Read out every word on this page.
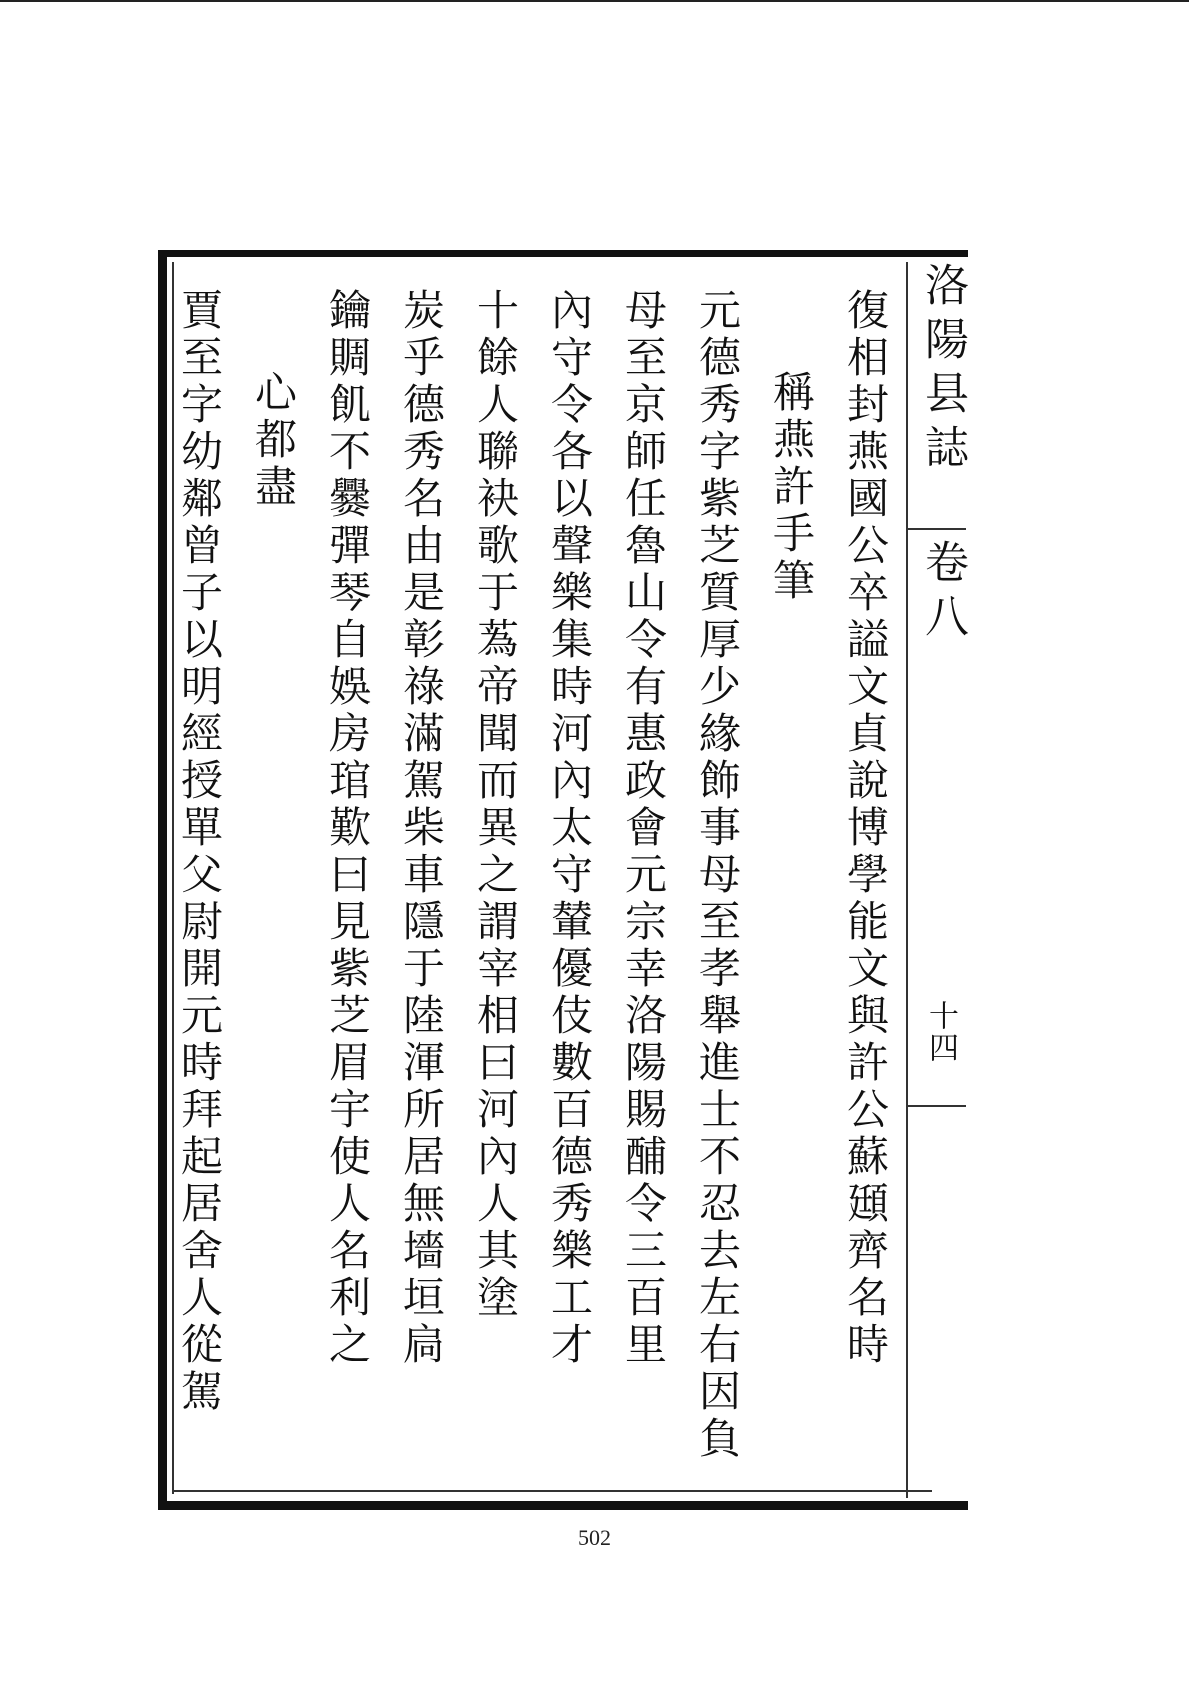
洛陽县誌 卷八
十四
復相封燕國公卒謚文貞說博學能文與許公蘇頲齊名時
稱燕許手筆
元德秀字紫芝質厚少緣飾事母至孝舉進士不忍去左右因負
母至京師任魯山令有惠政會元宗幸洛陽賜酺令三百里
內守令各以聲樂集時河內太守輦優伎數百德秀樂工才
十餘人聯袂歌于蒍帝聞而異之謂宰相曰河內人其塗
炭乎德秀名由是彰祿滿駕柴車隱于陸渾所居無墻垣扃
鑰賙飢不爨彈琴自娛房琯歎曰見紫芝眉宇使人名利之
心都盡
賈至字幼鄰曾子以明經授單父尉開元時拜起居舍人從駕
502
